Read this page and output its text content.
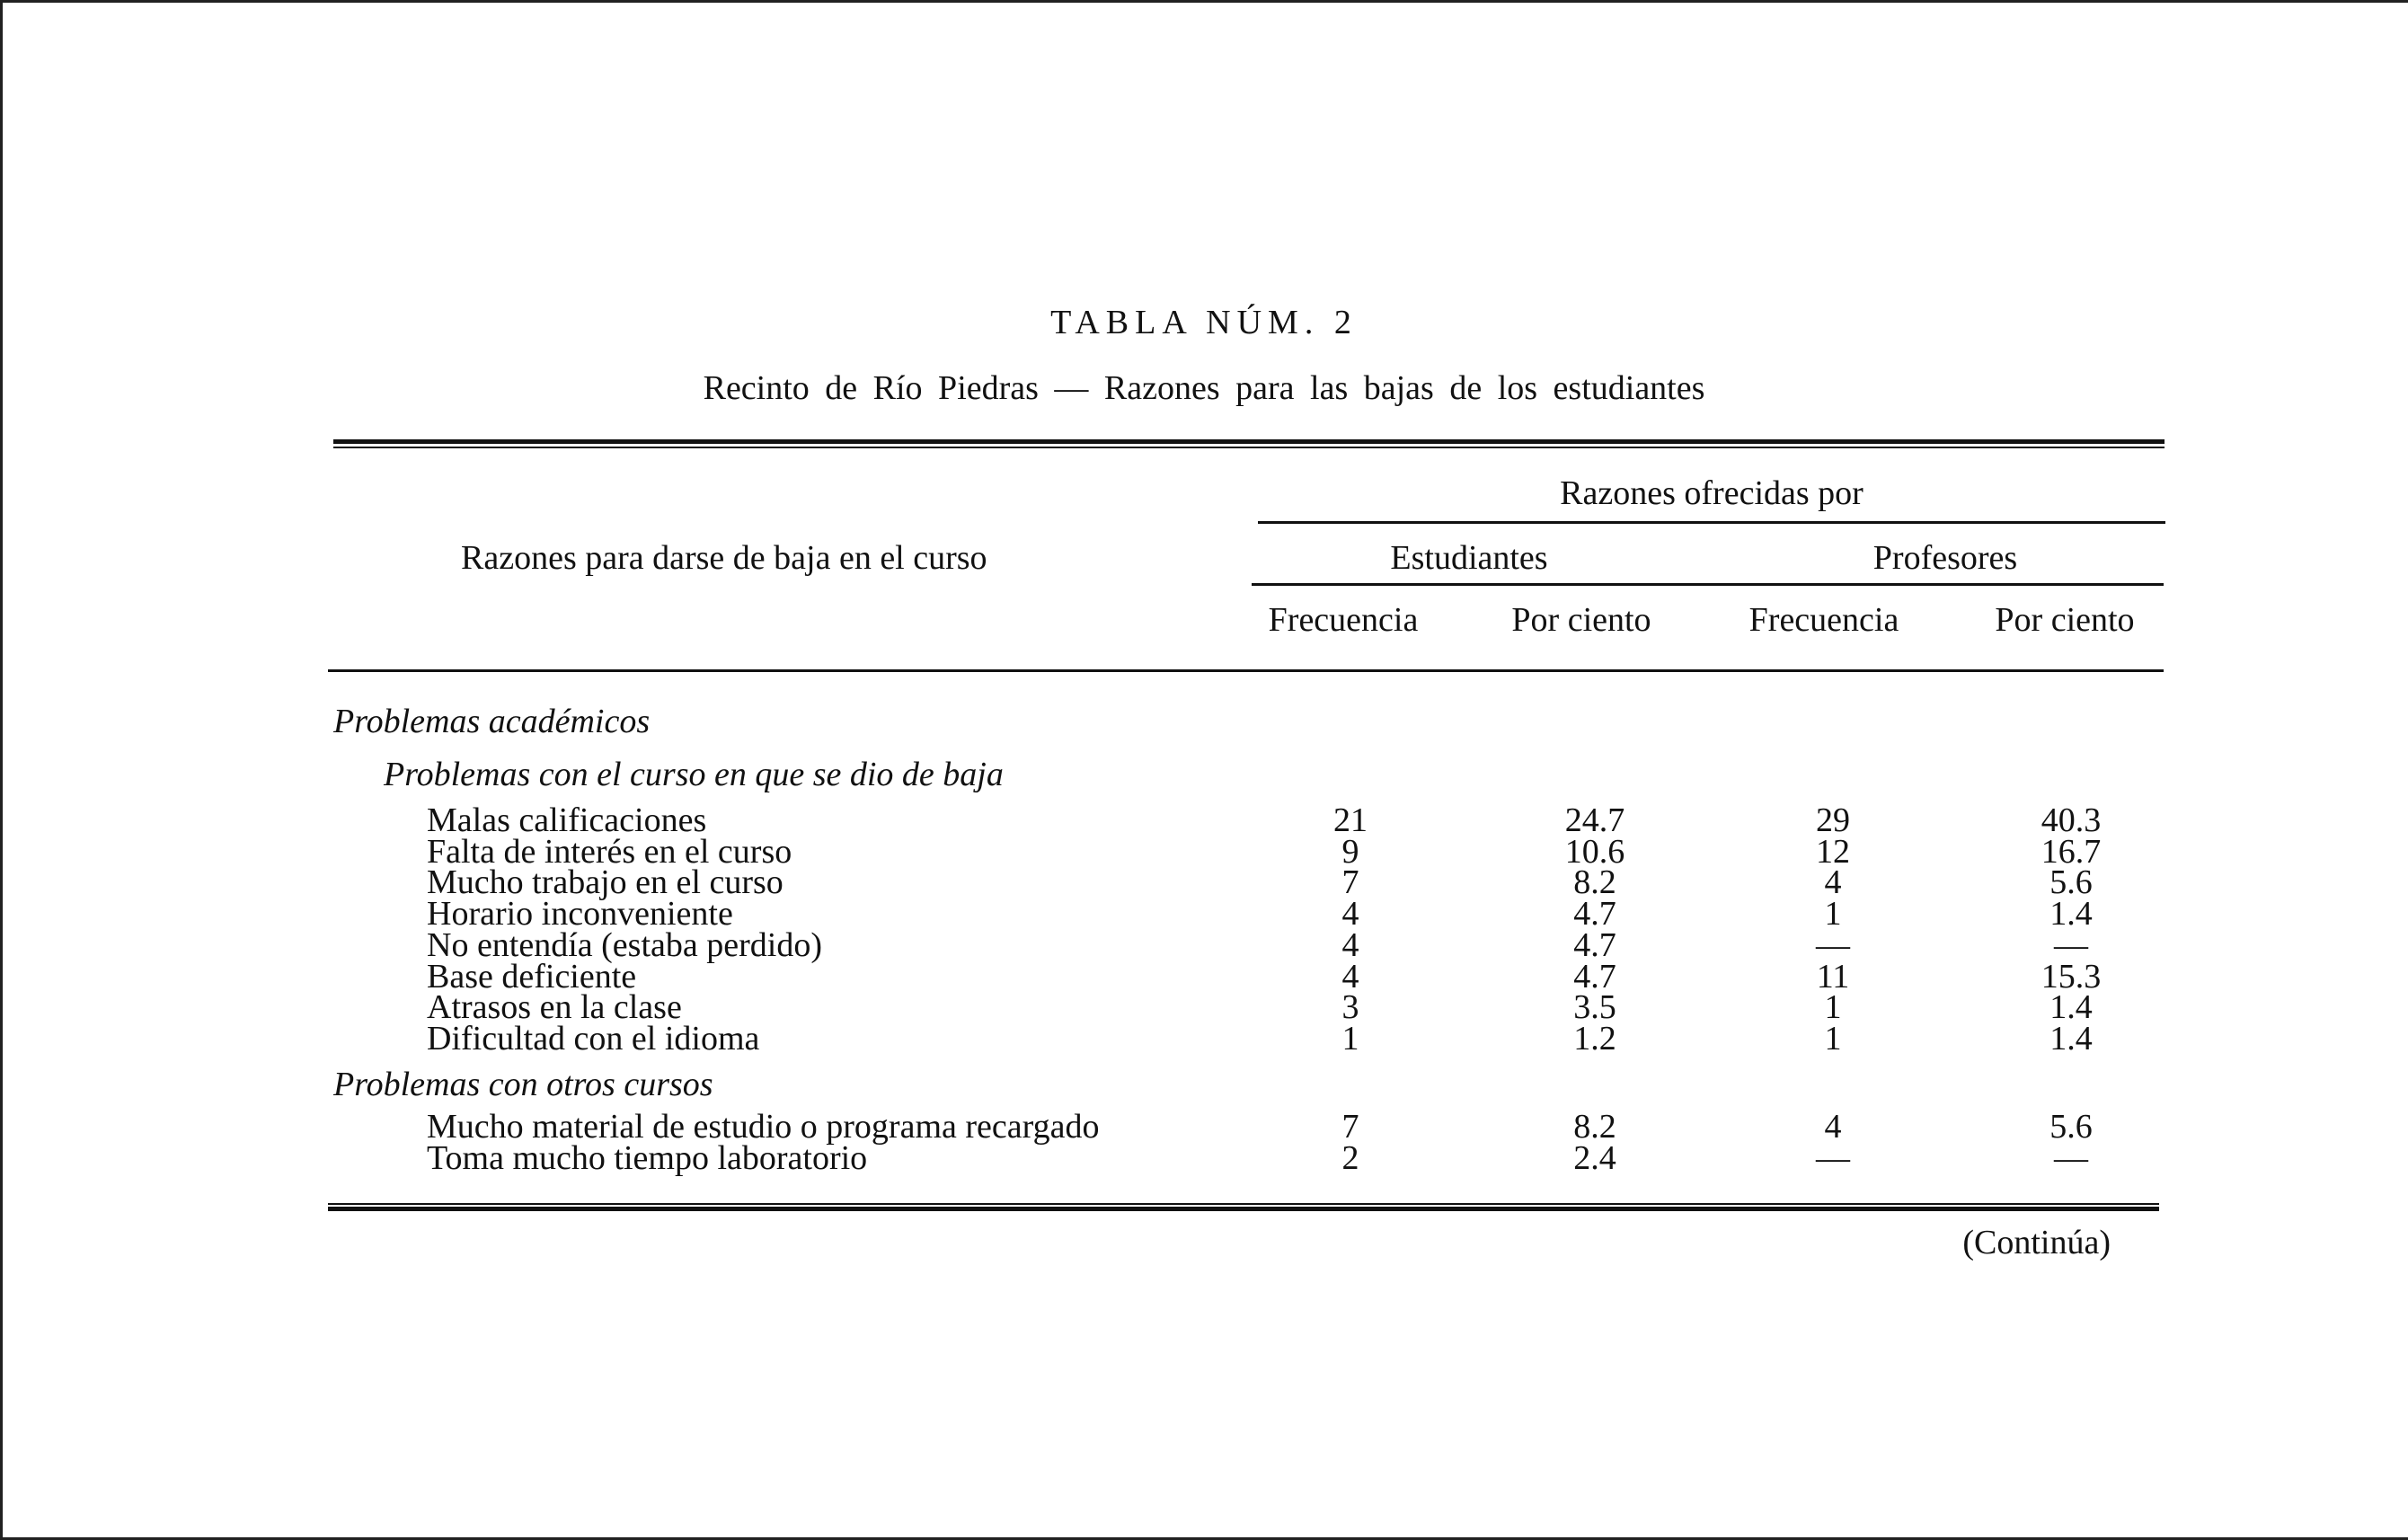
TABLA NÚM. 2
Recinto de Río Piedras — Razones para las bajas de los estudiantes
Razones para darse de baja en el curso
Razones ofrecidas por
Estudiantes	Profesores
Frecuencia	Por ciento	Frecuencia	Por ciento
Problemas académicos
Problemas con el curso en que se dio de baja
Malas calificaciones	21	24.7	29	40.3
Falta de interés en el curso	9	10.6	12	16.7
Mucho trabajo en el curso	7	8.2	4	5.6
Horario inconveniente	4	4.7	1	1.4
No entendía (estaba perdido)	4	4.7	—	—
Base deficiente	4	4.7	11	15.3
Atrasos en la clase	3	3.5	1	1.4
Dificultad con el idioma	1	1.2	1	1.4
Problemas con otros cursos
Mucho material de estudio o programa recargado	7	8.2	4	5.6
Toma mucho tiempo laboratorio	2	2.4	—	—
(Continúa)
